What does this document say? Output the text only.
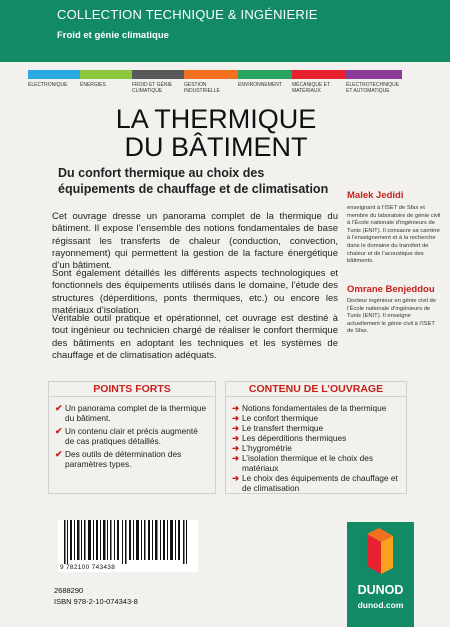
COLLECTION TECHNIQUE & INGÉNIERIE
Froid et génie climatique
ÉLECTRONIQUE	ÉNERGIES	FROID ET GÉNIE CLIMATIQUE
GESTION INDUSTRIELLE
ENVIRONNEMENT	MÉCANIQUE ET MATÉRIAUX
ÉLECTROTECHNIQUE ET AUTOMATIQUE
LA THERMIQUE
DU BÂTIMENT
Du confort thermique au choix des équipements de chauffage et de climatisation
Cet ouvrage dresse un panorama complet de la thermique du bâtiment. Il expose l’ensemble des notions fondamentales de base régissant les transferts de chaleur (conduction, convection, rayonnement) qui permettent la gestion de la facture énergétique d’un bâtiment.
Sont également détaillés les différents aspects technologiques et fonctionnels des équipements utilisés dans le domaine, l’étude des structures (déperditions, ponts thermiques, etc.) ou encore les matériaux d’isolation.
Véritable outil pratique et opérationnel, cet ouvrage est destiné à tout ingénieur ou technicien chargé de réaliser le confort thermique des bâtiments en adoptant les techniques et les systèmes de chauffage et de climatisation adéquats.
Malek Jedidi
enseignant à l’ISET de Sfax et membre du laboratoire de génie civil à l’École nationale d’ingénieurs de Tunis (ENIT). Il consacre sa carrière à l’enseignement et à la recherche dans le domaine du transfert de chaleur et de l’acoustique des bâtiments.
Omrane Benjeddou
Docteur ingénieur en génie civil de l’École nationale d’ingénieurs de Tunis (ENIT). Il enseigne actuellement le génie civil à l’ISET de Sfax.
POINTS FORTS
✔ Un panorama complet de la thermique du bâtiment.
✔ Un contenu clair et précis augmenté de cas pratiques détaillés.
✔ Des outils de détermination des paramètres types.
CONTENU DE L’OUVRAGE
➜ Notions fondamentales de la thermique
➜ Le confort thermique
➜ Le transfert thermique
➜ Les déperditions thermiques
➜ L’hygrométrie
➜ L’isolation thermique et le choix des matériaux
➜ Le choix des équipements de chauffage et de climatisation
9 782100 743438
2688290
ISBN 978-2-10-074343-8
DUNOD
dunod.com
